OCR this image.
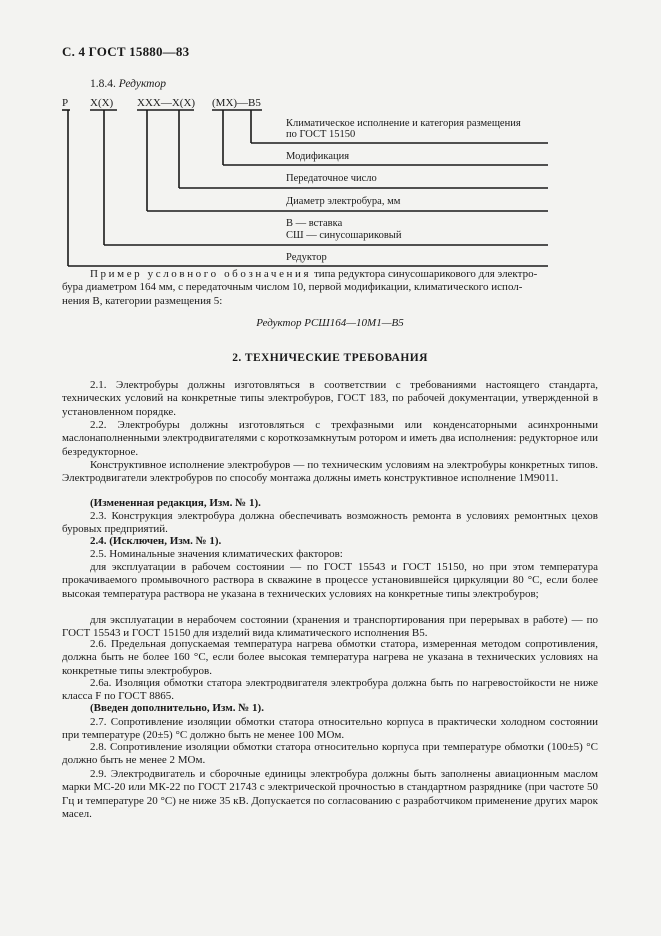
С. 4 ГОСТ 15880—83
1.8.4. Редуктор
Р Х(Х) ХХХ—Х(Х) (МХ)—В5
Климатическое исполнение и категория размещения
по ГОСТ 15150
Модификация
Передаточное число
Диаметр электробура, мм
В — вставка
СШ — синусошариковый
Редуктор
Пример условного обозначения типа редуктора синусошарикового для электро-
бура диаметром 164 мм, с передаточным числом 10, первой модификации, климатического испол-
нения В, категории размещения 5:
Редуктор РСШ164—10М1—В5
2. ТЕХНИЧЕСКИЕ ТРЕБОВАНИЯ
2.1. Электробуры должны изготовляться в соответствии с требованиями настоящего стандарта, технических условий на конкретные типы электробуров, ГОСТ 183, по рабочей документации, утвержденной в установленном порядке.
2.2. Электробуры должны изготовляться с трехфазными или конденсаторными асинхронными маслонаполненными электродвигателями с короткозамкнутым ротором и иметь два исполнения: редукторное или безредукторное.
Конструктивное исполнение электробуров — по техническим условиям на электробуры конкретных типов. Электродвигатели электробуров по способу монтажа должны иметь конструктивное исполнение 1М9011.
(Измененная редакция, Изм. № 1).
2.3. Конструкция электробура должна обеспечивать возможность ремонта в условиях ремонтных цехов буровых предприятий.
2.4. (Исключен, Изм. № 1).
2.5. Номинальные значения климатических факторов:
для эксплуатации в рабочем состоянии — по ГОСТ 15543 и ГОСТ 15150, но при этом температура прокачиваемого промывочного раствора в скважине в процессе установившейся циркуляции 80 °С, если более высокая температура раствора не указана в технических условиях на конкретные типы электробуров;
для эксплуатации в нерабочем состоянии (хранения и транспортирования при перерывах в работе) — по ГОСТ 15543 и ГОСТ 15150 для изделий вида климатического исполнения В5.
2.6. Предельная допускаемая температура нагрева обмотки статора, измеренная методом сопротивления, должна быть не более 160 °С, если более высокая температура нагрева не указана в технических условиях на конкретные типы электробуров.
2.6а. Изоляция обмотки статора электродвигателя электробура должна быть по нагревостойкости не ниже класса F по ГОСТ 8865.
(Введен дополнительно, Изм. № 1).
2.7. Сопротивление изоляции обмотки статора относительно корпуса в практически холодном состоянии при температуре (20±5) °С должно быть не менее 100 МОм.
2.8. Сопротивление изоляции обмотки статора относительно корпуса при температуре обмотки (100±5) °С должно быть не менее 2 МОм.
2.9. Электродвигатель и сборочные единицы электробура должны быть заполнены авиационным маслом марки МС-20 или МК-22 по ГОСТ 21743 с электрической прочностью в стандартном разряднике (при частоте 50 Гц и температуре 20 °С) не ниже 35 кВ. Допускается по согласованию с разработчиком применение других марок масел.
